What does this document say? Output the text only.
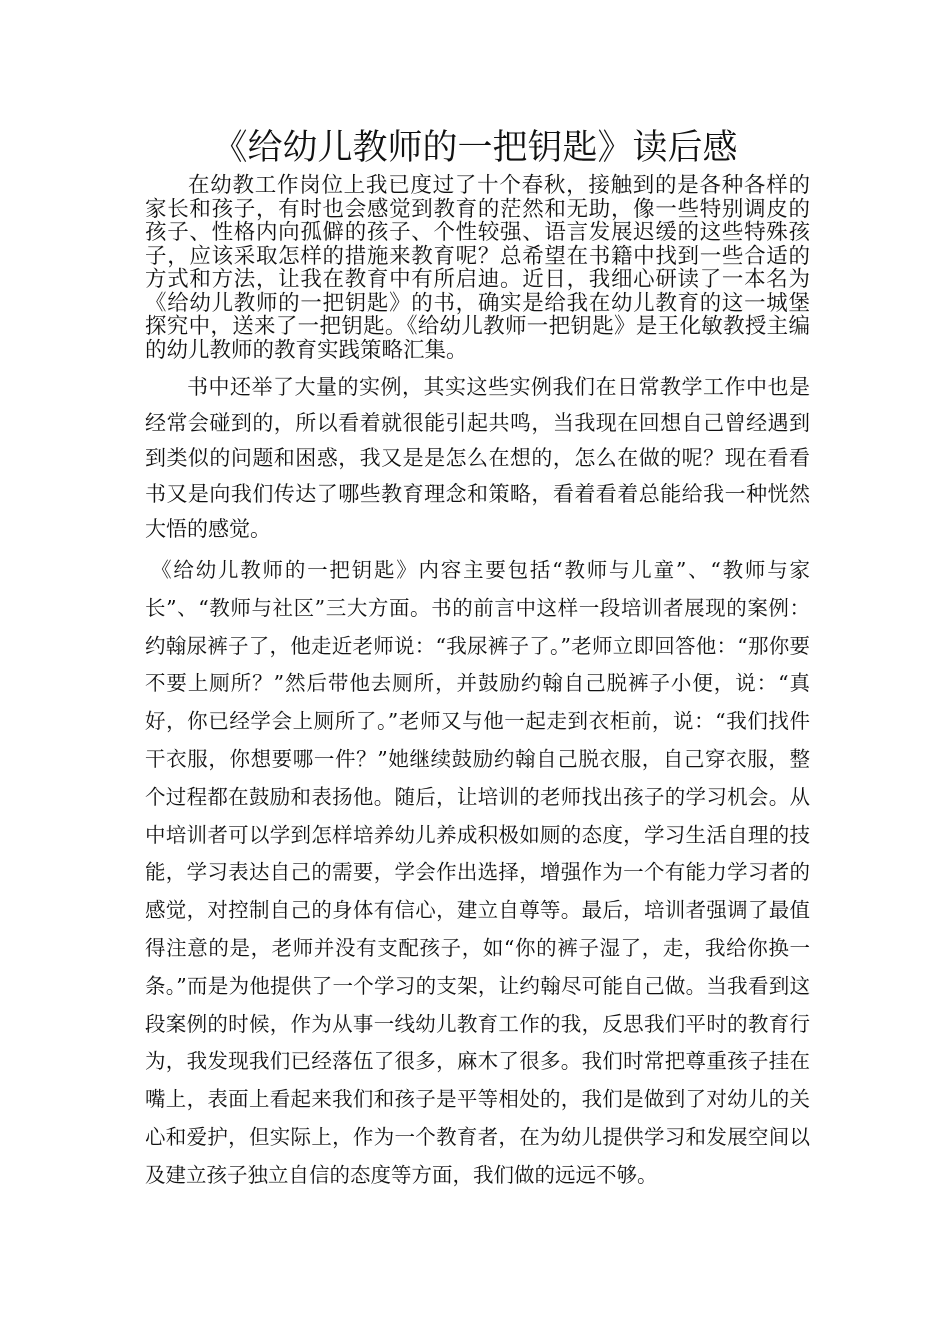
《给幼儿教师的一把钥匙》读后感

在幼教工作岗位上我已度过了十个春秋，接触到的是各种各样的家长和孩子，有时也会感觉到教育的茫然和无助，像一些特别调皮的孩子、性格内向孤僻的孩子、个性较强、语言发展迟缓的这些特殊孩子，应该采取怎样的措施来教育呢？总希望在书籍中找到一些合适的方式和方法，让我在教育中有所启迪。近日，我细心研读了一本名为《给幼儿教师的一把钥匙》的书，确实是给我在幼儿教育的这一城堡探究中，送来了一把钥匙。《给幼儿教师一把钥匙》是王化敏教授主编的幼儿教师的教育实践策略汇集。

书中还举了大量的实例，其实这些实例我们在日常教学工作中也是经常会碰到的，所以看着就很能引起共鸣，当我现在回想自己曾经遇到到类似的问题和困惑，我又是是怎么在想的，怎么在做的呢？现在看看书又是向我们传达了哪些教育理念和策略，看着看着总能给我一种恍然大悟的感觉。

《给幼儿教师的一把钥匙》内容主要包括“教师与儿童”、“教师与家长”、“教师与社区”三大方面。书的前言中这样一段培训者展现的案例：约翰尿裤子了，他走近老师说：“我尿裤子了。”老师立即回答他：“那你要不要上厕所？”然后带他去厕所，并鼓励约翰自己脱裤子小便，说：“真好，你已经学会上厕所了。”老师又与他一起走到衣柜前，说：“我们找件干衣服，你想要哪一件？”她继续鼓励约翰自己脱衣服，自己穿衣服，整个过程都在鼓励和表扬他。随后，让培训的老师找出孩子的学习机会。从中培训者可以学到怎样培养幼儿养成积极如厕的态度，学习生活自理的技能，学习表达自己的需要，学会作出选择，增强作为一个有能力学习者的感觉，对控制自己的身体有信心，建立自尊等。最后，培训者强调了最值得注意的是，老师并没有支配孩子，如“你的裤子湿了，走，我给你换一条。”而是为他提供了一个学习的支架，让约翰尽可能自己做。当我看到这段案例的时候，作为从事一线幼儿教育工作的我，反思我们平时的教育行为，我发现我们已经落伍了很多，麻木了很多。我们时常把尊重孩子挂在嘴上，表面上看起来我们和孩子是平等相处的，我们是做到了对幼儿的关心和爱护，但实际上，作为一个教育者，在为幼儿提供学习和发展空间以及建立孩子独立自信的态度等方面，我们做的远远不够。
